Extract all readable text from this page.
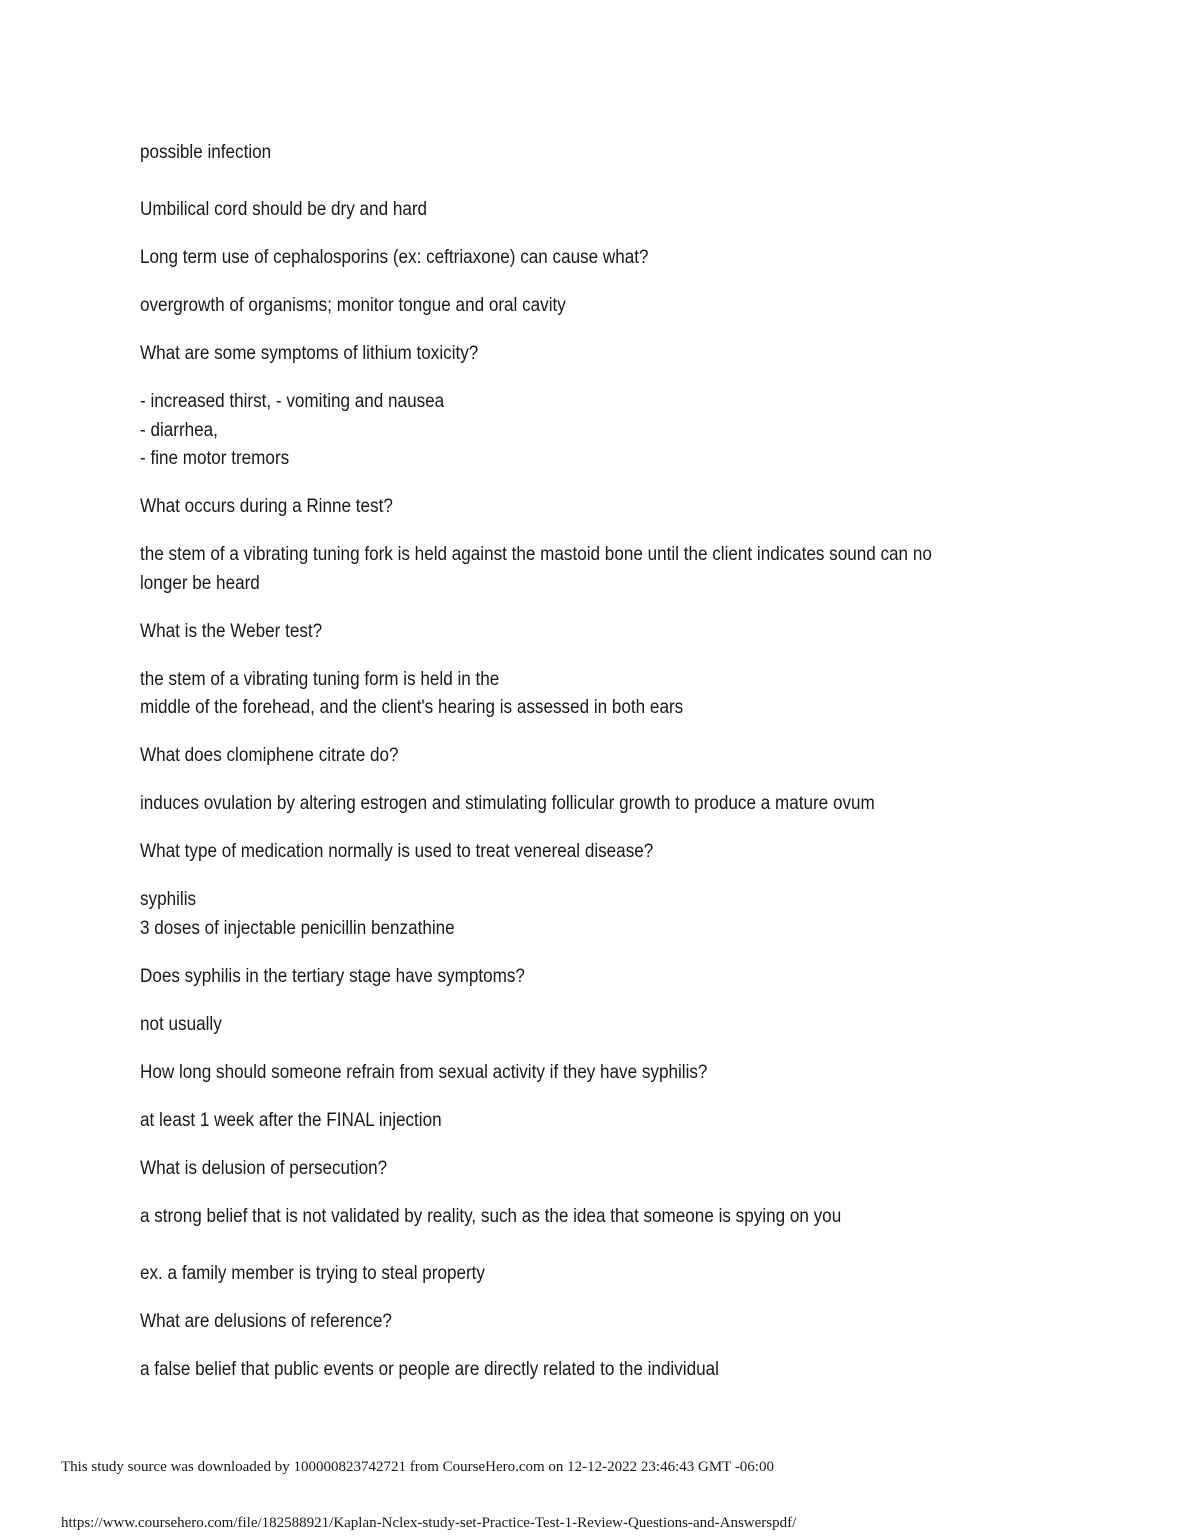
possible infection
Umbilical cord should be dry and hard
Long term use of cephalosporins (ex: ceftriaxone) can cause what?
overgrowth of organisms; monitor tongue and oral cavity
What are some symptoms of lithium toxicity?
- increased thirst, - vomiting and nausea
- diarrhea,
- fine motor tremors
What occurs during a Rinne test?
the stem of a vibrating tuning fork is held against the mastoid bone until the client indicates sound can no longer be heard
What is the Weber test?
the stem of a vibrating tuning form is held in the
middle of the forehead, and the client's hearing is assessed in both ears
What does clomiphene citrate do?
induces ovulation by altering estrogen and stimulating follicular growth to produce a mature ovum
What type of medication normally is used to treat venereal disease?
syphilis
3 doses of injectable penicillin benzathine
Does syphilis in the tertiary stage have symptoms?
not usually
How long should someone refrain from sexual activity if they have syphilis?
at least 1 week after the FINAL injection
What is delusion of persecution?
a strong belief that is not validated by reality, such as the idea that someone is spying on you
ex. a family member is trying to steal property
What are delusions of reference?
a false belief that public events or people are directly related to the individual
This study source was downloaded by 100000823742721 from CourseHero.com on 12-12-2022 23:46:43 GMT -06:00
https://www.coursehero.com/file/182588921/Kaplan-Nclex-study-set-Practice-Test-1-Review-Questions-and-Answerspdf/
